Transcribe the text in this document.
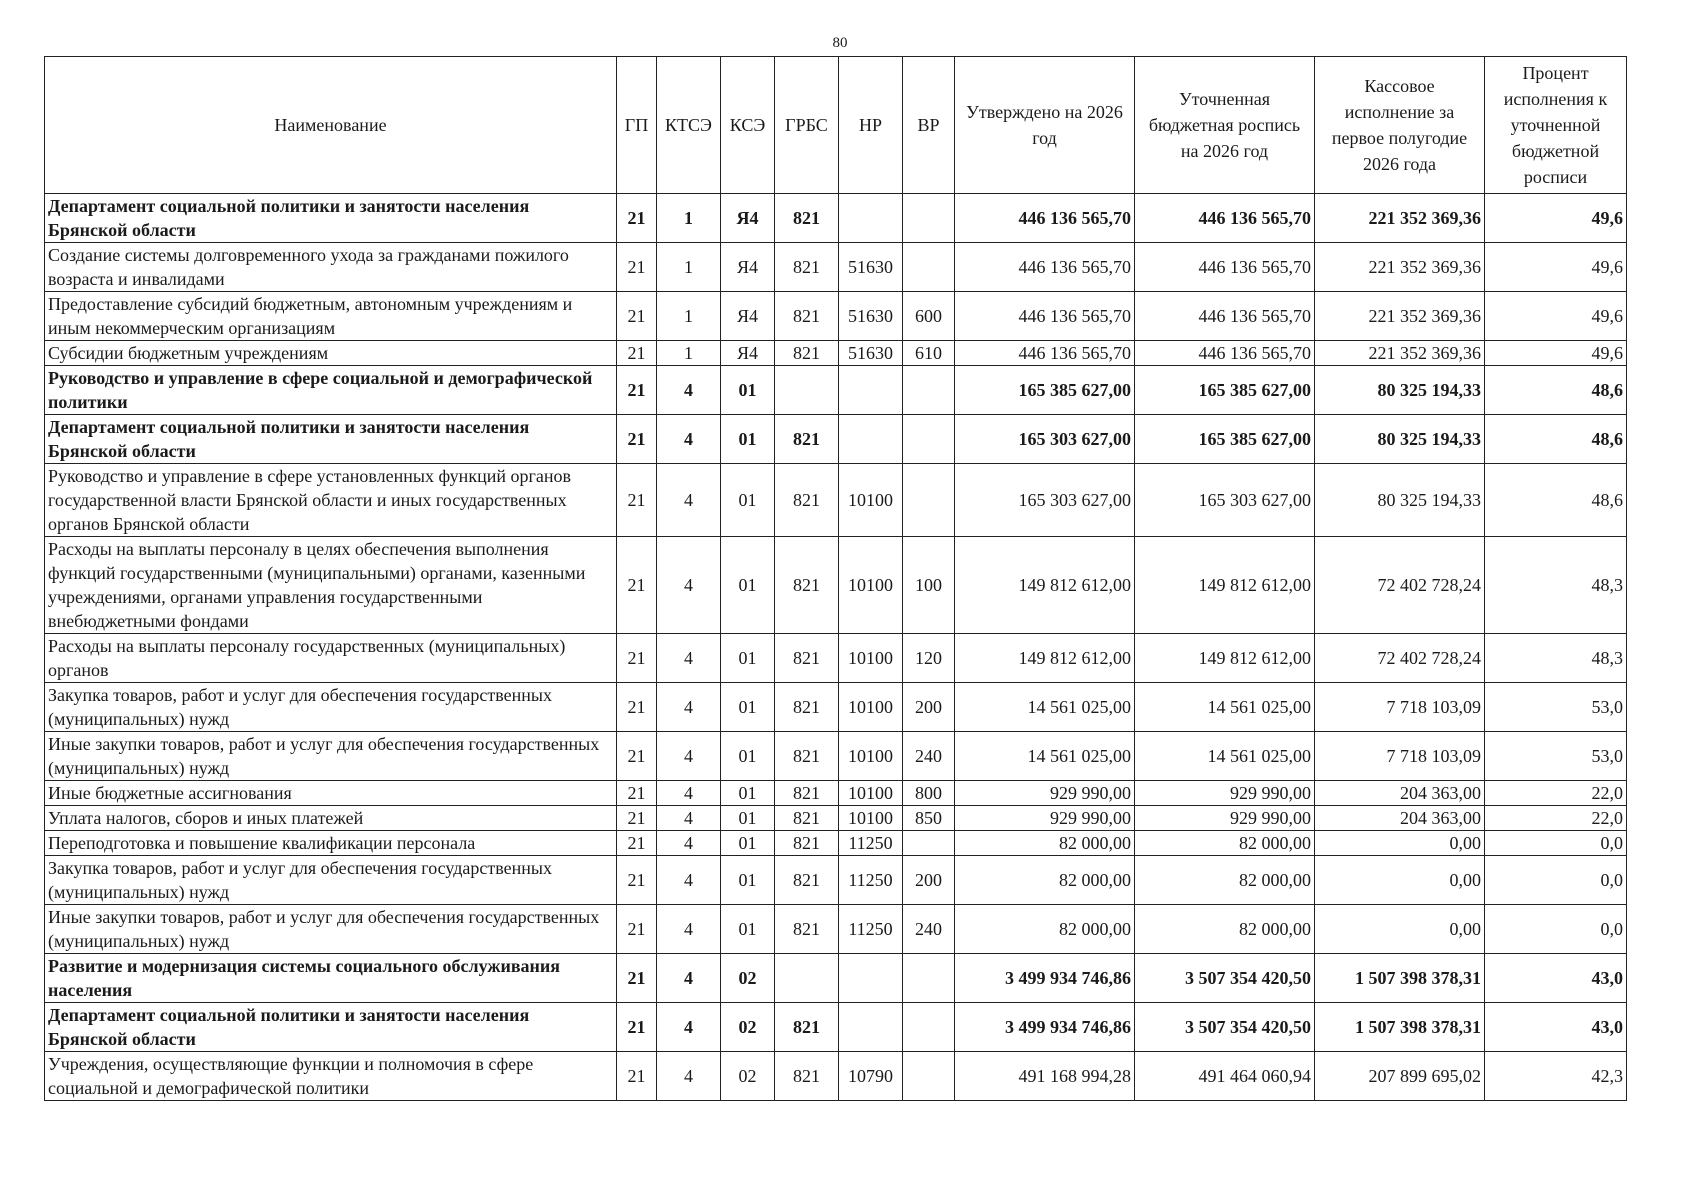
80
Наименование	ГП	КТСЭ	КСЭ	ГРБС	НР	ВР	Утверждено на 2026 год	Уточненная бюджетная роспись на 2026 год	Кассовое исполнение за первое полугодие 2026 года	Процент исполнения к уточненной бюджетной росписи
Департамент социальной политики и занятости населения Брянской области	21	1	Я4	821			446 136 565,70	446 136 565,70	221 352 369,36	49,6
Создание системы долговременного ухода за гражданами пожилого возраста и инвалидами	21	1	Я4	821	51630		446 136 565,70	446 136 565,70	221 352 369,36	49,6
Предоставление субсидий бюджетным, автономным учреждениям и иным некоммерческим организациям	21	1	Я4	821	51630	600	446 136 565,70	446 136 565,70	221 352 369,36	49,6
Субсидии бюджетным учреждениям	21	1	Я4	821	51630	610	446 136 565,70	446 136 565,70	221 352 369,36	49,6
Руководство и управление в сфере социальной и демографической политики	21	4	01				165 385 627,00	165 385 627,00	80 325 194,33	48,6
Департамент социальной политики и занятости населения Брянской области	21	4	01	821			165 303 627,00	165 385 627,00	80 325 194,33	48,6
Руководство и управление в сфере установленных функций органов государственной власти Брянской области и иных государственных органов Брянской области	21	4	01	821	10100		165 303 627,00	165 303 627,00	80 325 194,33	48,6
Расходы на выплаты персоналу в целях обеспечения выполнения функций государственными (муниципальными) органами, казенными учреждениями, органами управления государственными внебюджетными фондами	21	4	01	821	10100	100	149 812 612,00	149 812 612,00	72 402 728,24	48,3
Расходы на выплаты персоналу государственных (муниципальных) органов	21	4	01	821	10100	120	149 812 612,00	149 812 612,00	72 402 728,24	48,3
Закупка товаров, работ и услуг для обеспечения государственных (муниципальных) нужд	21	4	01	821	10100	200	14 561 025,00	14 561 025,00	7 718 103,09	53,0
Иные закупки товаров, работ и услуг для обеспечения государственных (муниципальных) нужд	21	4	01	821	10100	240	14 561 025,00	14 561 025,00	7 718 103,09	53,0
Иные бюджетные ассигнования	21	4	01	821	10100	800	929 990,00	929 990,00	204 363,00	22,0
Уплата налогов, сборов и иных платежей	21	4	01	821	10100	850	929 990,00	929 990,00	204 363,00	22,0
Переподготовка и повышение квалификации персонала	21	4	01	821	11250		82 000,00	82 000,00	0,00	0,0
Закупка товаров, работ и услуг для обеспечения государственных (муниципальных) нужд	21	4	01	821	11250	200	82 000,00	82 000,00	0,00	0,0
Иные закупки товаров, работ и услуг для обеспечения государственных (муниципальных) нужд	21	4	01	821	11250	240	82 000,00	82 000,00	0,00	0,0
Развитие и модернизация системы социального обслуживания населения	21	4	02				3 499 934 746,86	3 507 354 420,50	1 507 398 378,31	43,0
Департамент социальной политики и занятости населения Брянской области	21	4	02	821			3 499 934 746,86	3 507 354 420,50	1 507 398 378,31	43,0
Учреждения, осуществляющие функции и полномочия в сфере социальной и демографической политики	21	4	02	821	10790		491 168 994,28	491 464 060,94	207 899 695,02	42,3
